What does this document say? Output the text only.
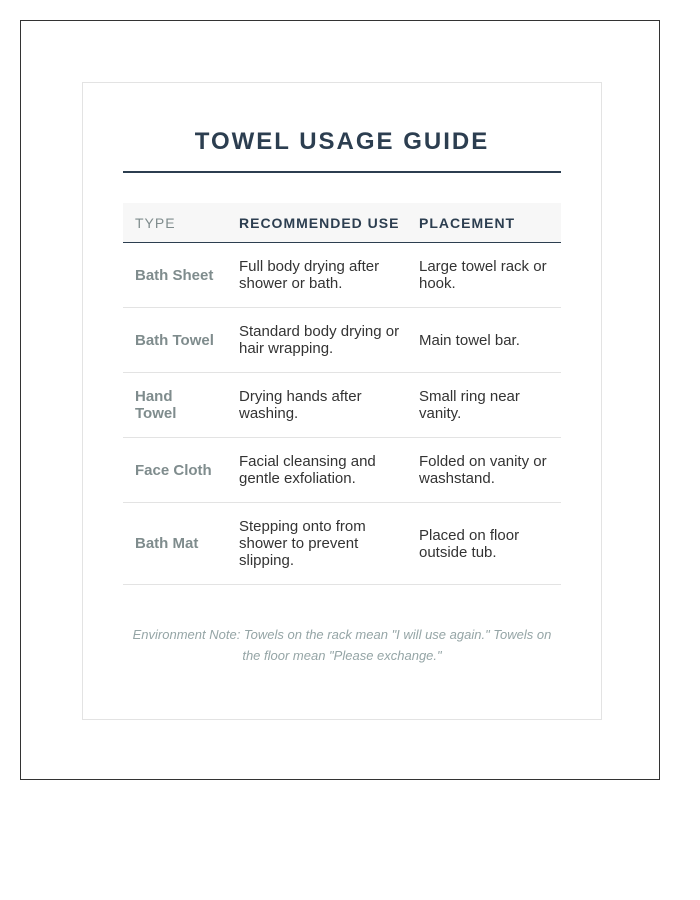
TOWEL USAGE GUIDE
TYPE	RECOMMENDED USE	PLACEMENT
Bath Sheet	Full body drying after shower or bath.	Large towel rack or hook.
Bath Towel	Standard body drying or hair wrapping.	Main towel bar.
Hand Towel	Drying hands after washing.	Small ring near vanity.
Face Cloth	Facial cleansing and gentle exfoliation.	Folded on vanity or washstand.
Bath Mat	Stepping onto from shower to prevent slipping.	Placed on floor outside tub.

Environment Note: Towels on the rack mean "I will use again." Towels on the floor mean "Please exchange."
